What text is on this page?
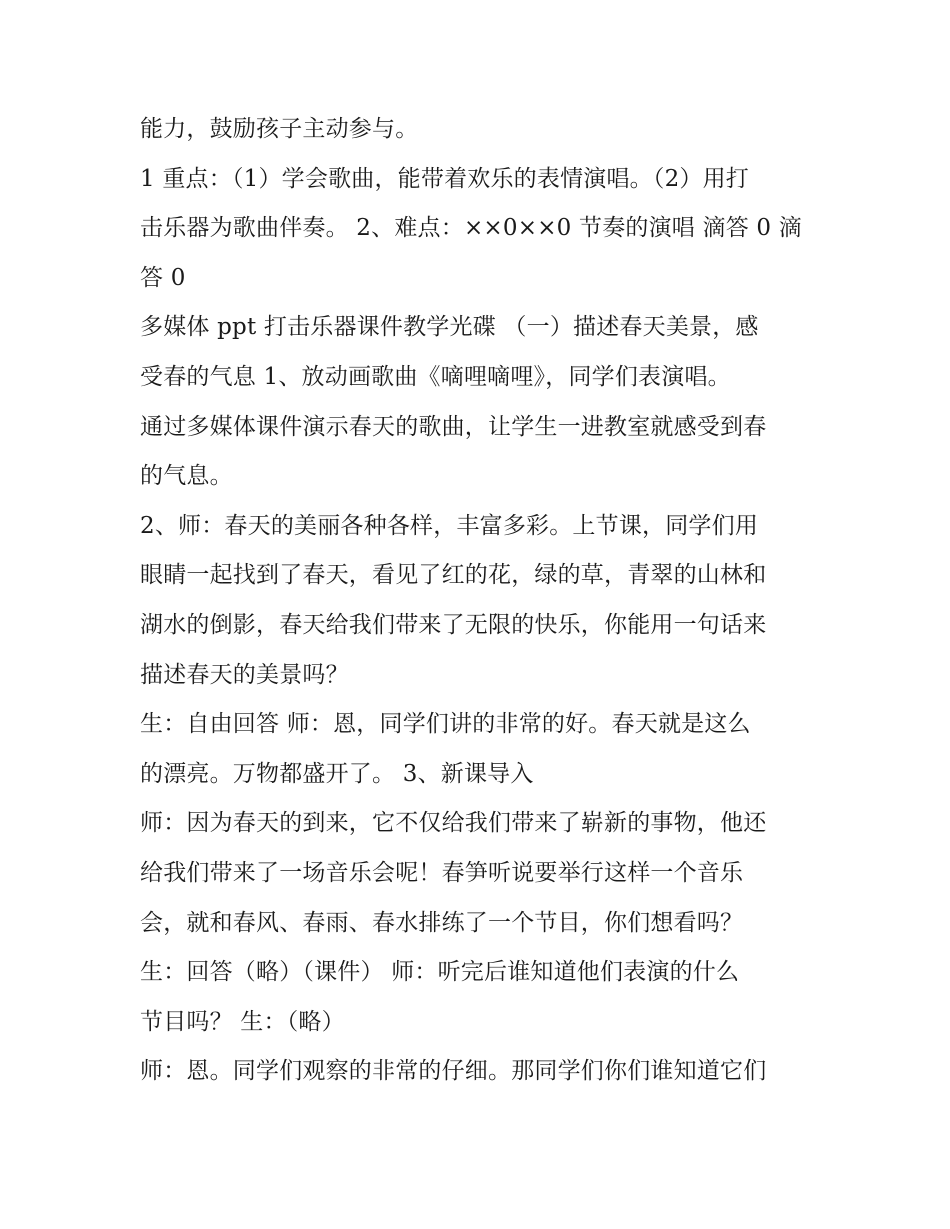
能力，鼓励孩子主动参与。
1 重点：（1）学会歌曲，能带着欢乐的表情演唱。（2）用打
击乐器为歌曲伴奏。 2、难点：××0××0 节奏的演唱 滴答 0 滴
答 0
多媒体 ppt 打击乐器课件教学光碟 （一）描述春天美景，感
受春的气息 1、放动画歌曲《嘀哩嘀哩》，同学们表演唱。
通过多媒体课件演示春天的歌曲，让学生一进教室就感受到春
的气息。
2、师：春天的美丽各种各样，丰富多彩。上节课，同学们用
眼睛一起找到了春天，看见了红的花，绿的草，青翠的山林和
湖水的倒影，春天给我们带来了无限的快乐，你能用一句话来
描述春天的美景吗？
生：自由回答 师：恩，同学们讲的非常的好。春天就是这么
的漂亮。万物都盛开了。 3、新课导入
师：因为春天的到来，它不仅给我们带来了崭新的事物，他还
给我们带来了一场音乐会呢！春笋听说要举行这样一个音乐
会，就和春风、春雨、春水排练了一个节目，你们想看吗？
生：回答（略）（课件） 师：听完后谁知道他们表演的什么
节目吗？ 生：（略）
师：恩。同学们观察的非常的仔细。那同学们你们谁知道它们
